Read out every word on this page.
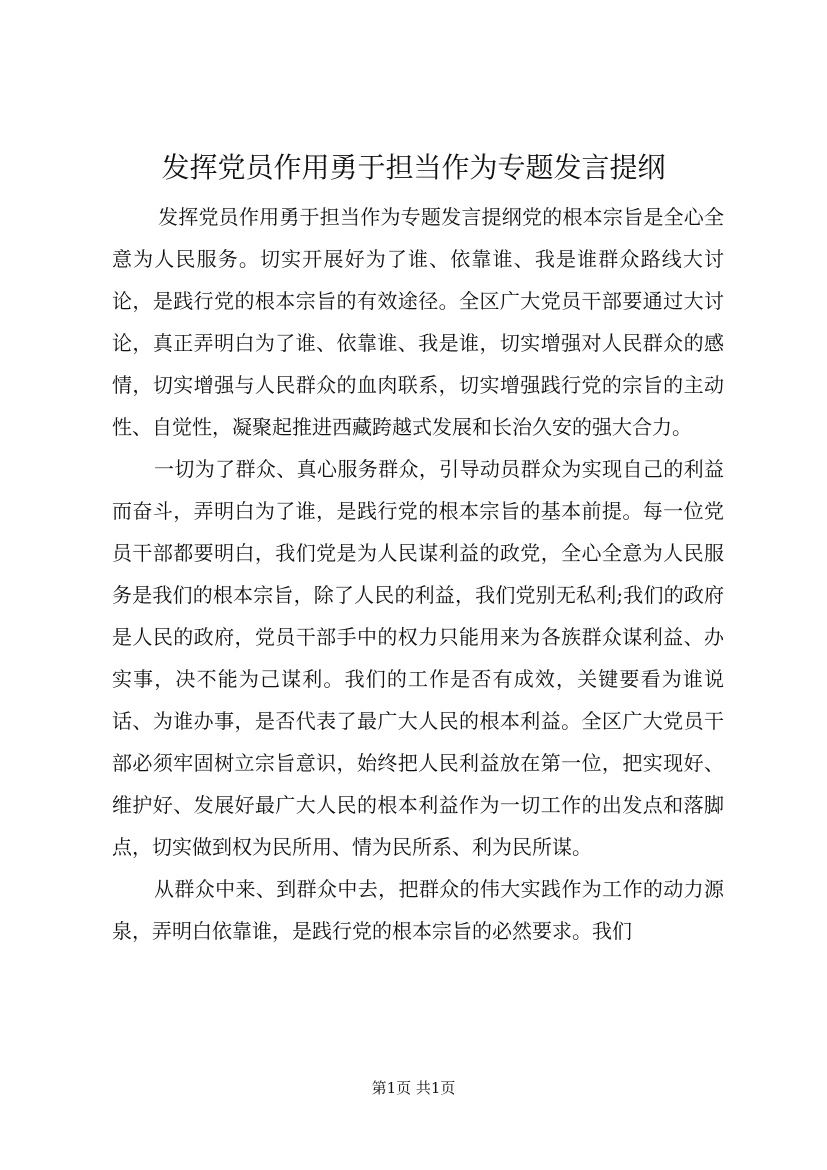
发挥党员作用勇于担当作为专题发言提纲

发挥党员作用勇于担当作为专题发言提纲党的根本宗旨是全心全意为人民服务。切实开展好为了谁、依靠谁、我是谁群众路线大讨论，是践行党的根本宗旨的有效途径。全区广大党员干部要通过大讨论，真正弄明白为了谁、依靠谁、我是谁，切实增强对人民群众的感情，切实增强与人民群众的血肉联系，切实增强践行党的宗旨的主动性、自觉性，凝聚起推进西藏跨越式发展和长治久安的强大合力。

一切为了群众、真心服务群众，引导动员群众为实现自己的利益而奋斗，弄明白为了谁，是践行党的根本宗旨的基本前提。每一位党员干部都要明白，我们党是为人民谋利益的政党，全心全意为人民服务是我们的根本宗旨，除了人民的利益，我们党别无私利;我们的政府是人民的政府，党员干部手中的权力只能用来为各族群众谋利益、办实事，决不能为己谋利。我们的工作是否有成效，关键要看为谁说话、为谁办事，是否代表了最广大人民的根本利益。全区广大党员干部必须牢固树立宗旨意识，始终把人民利益放在第一位，把实现好、维护好、发展好最广大人民的根本利益作为一切工作的出发点和落脚点，切实做到权为民所用、情为民所系、利为民所谋。

从群众中来、到群众中去，把群众的伟大实践作为工作的动力源泉，弄明白依靠谁，是践行党的根本宗旨的必然要求。我们

第1页 共1页
